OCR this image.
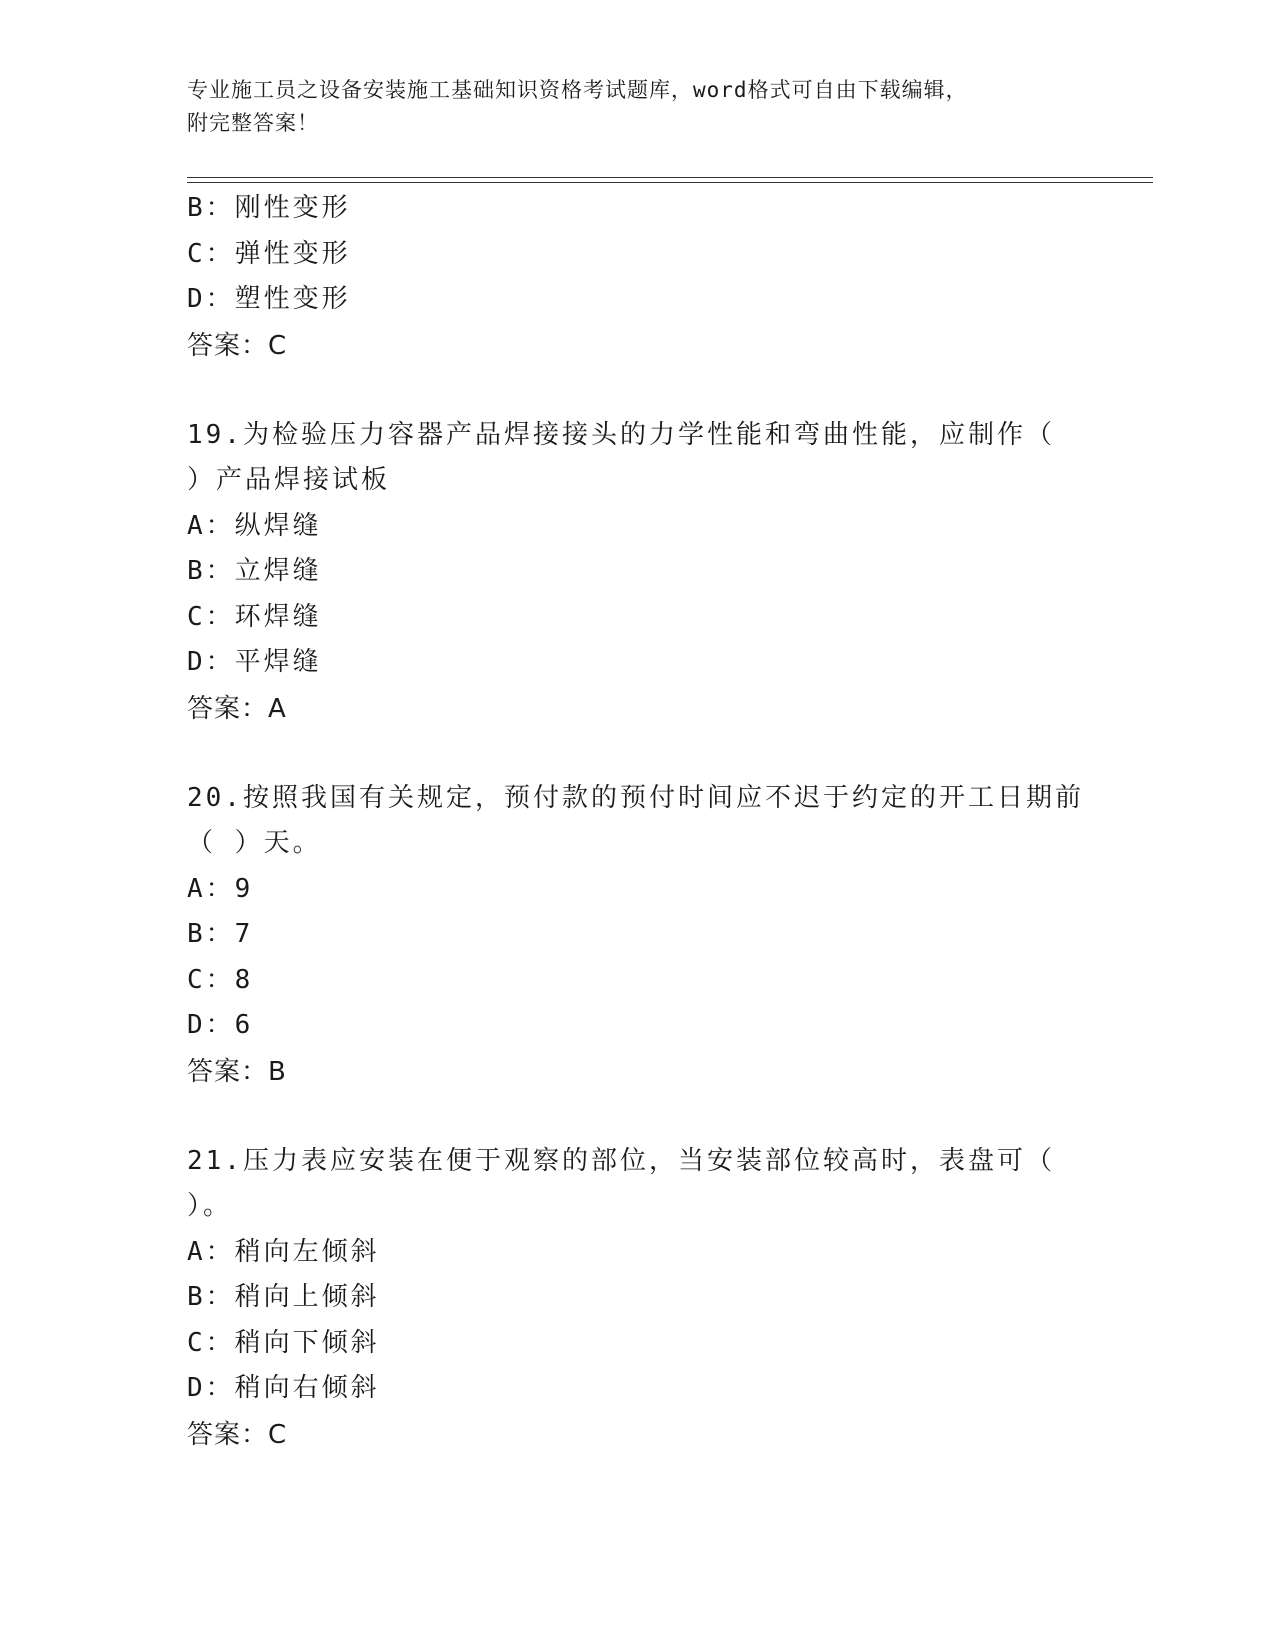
专业施工员之设备安装施工基础知识资格考试题库，word格式可自由下载编辑，
附完整答案！
B：刚性变形
C：弹性变形
D：塑性变形
答案：C
19.为检验压力容器产品焊接接头的力学性能和弯曲性能，应制作（
）产品焊接试板
A：纵焊缝
B：立焊缝
C：环焊缝
D：平焊缝
答案：A
20.按照我国有关规定，预付款的预付时间应不迟于约定的开工日期前
（ ）天。
A：9
B：7
C：8
D：6
答案：B
21.压力表应安装在便于观察的部位，当安装部位较高时，表盘可（
）。
A：稍向左倾斜
B：稍向上倾斜
C：稍向下倾斜
D：稍向右倾斜
答案：C
